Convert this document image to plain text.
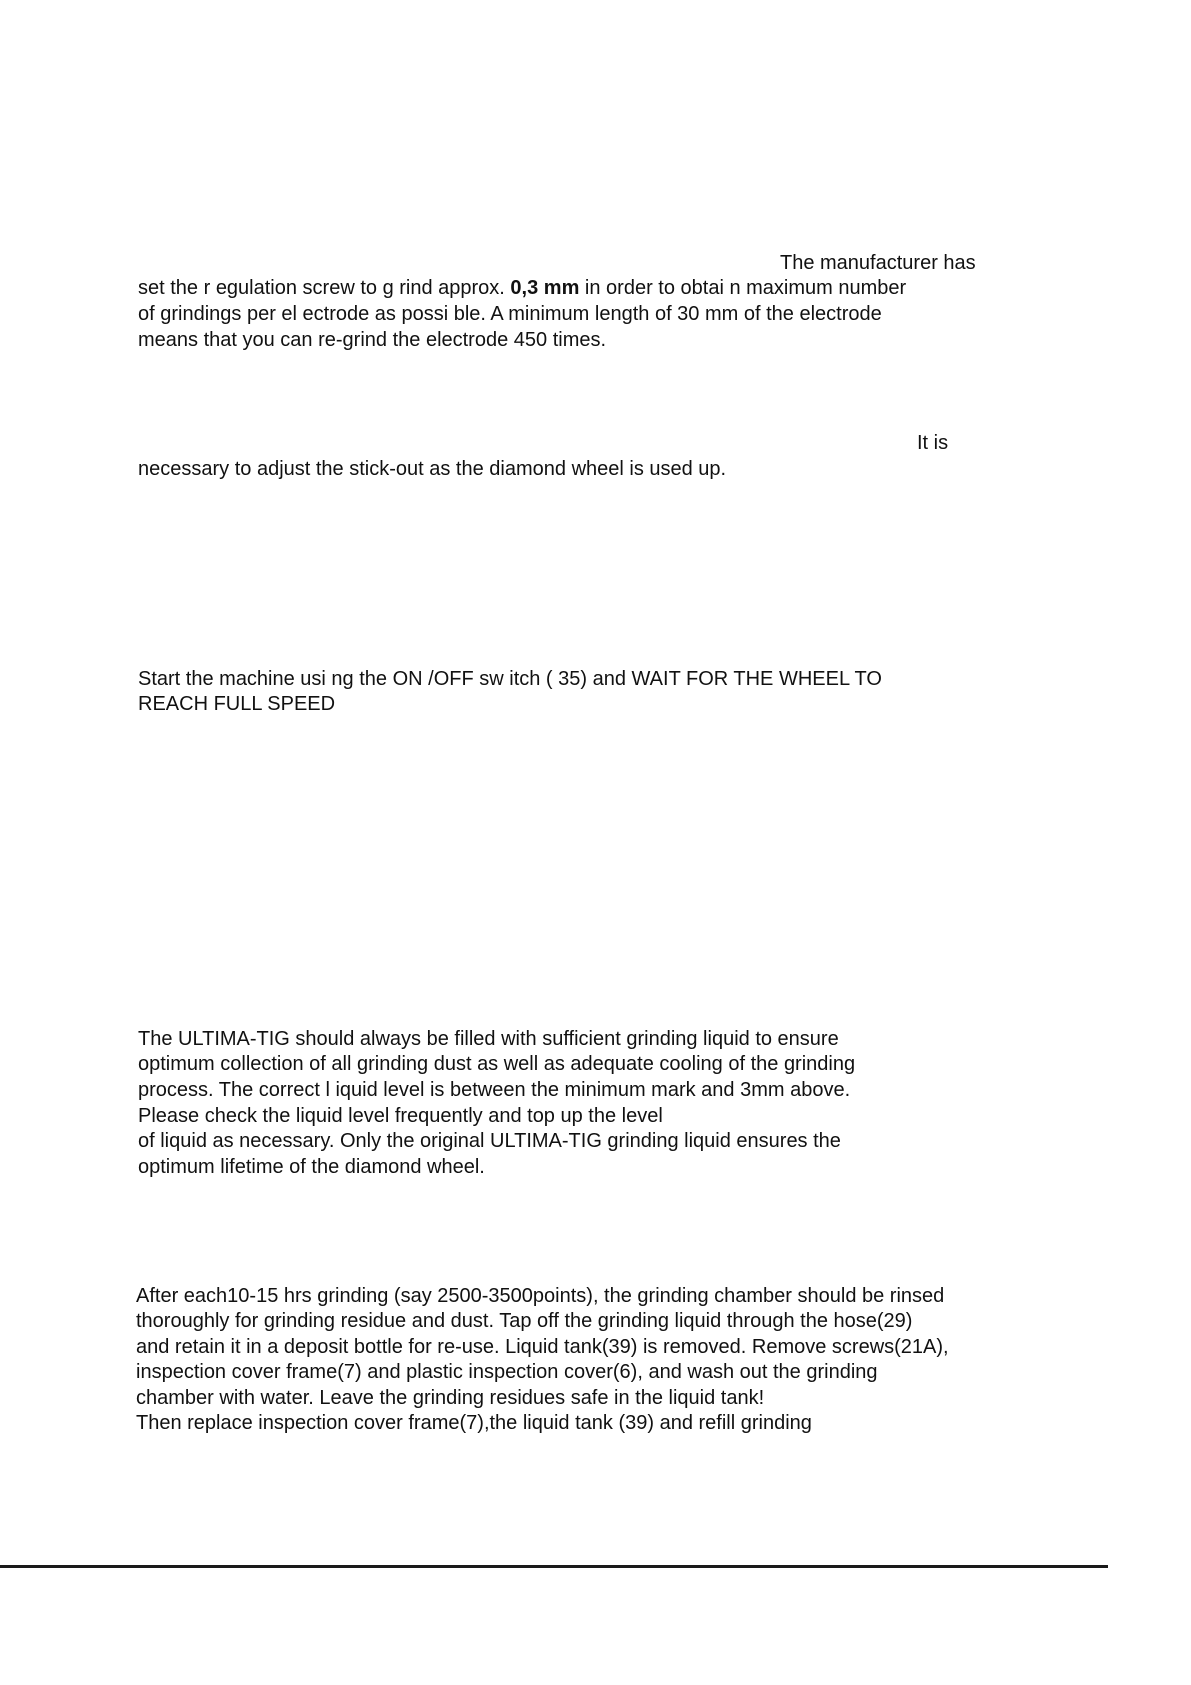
The manufacturer has

set the r egulation screw to g rind approx. 0,3 mm in order to obtai n maximum number

of grindings per el ectrode as possi ble. A minimum length of 30 mm of the electrode

means that you can re-grind the electrode 450 times.

It is

necessary to adjust the stick-out as the diamond wheel is used up.

Start the machine usi ng the ON /OFF sw itch ( 35) and WAIT FOR THE WHEEL TO

REACH FULL SPEED

The ULTIMA-TIG should always be filled with sufficient grinding liquid to ensure

optimum collection of all grinding dust as well as adequate cooling of the grinding

process. The correct l iquid level is between the minimum mark and 3mm above.

Please check the liquid level frequently and top up the level

of liquid as necessary. Only the original ULTIMA-TIG grinding liquid ensures the

optimum lifetime of the diamond wheel.

After each10-15 hrs grinding (say 2500-3500points), the grinding chamber should be rinsed

thoroughly for grinding residue and dust. Tap off the grinding liquid through the hose(29)

and retain it in a deposit bottle for re-use. Liquid tank(39) is removed. Remove screws(21A),

inspection cover frame(7) and plastic inspection cover(6), and wash out the grinding

chamber with water. Leave the grinding residues safe in the liquid tank!

Then replace inspection cover frame(7),the liquid tank (39) and refill grinding
